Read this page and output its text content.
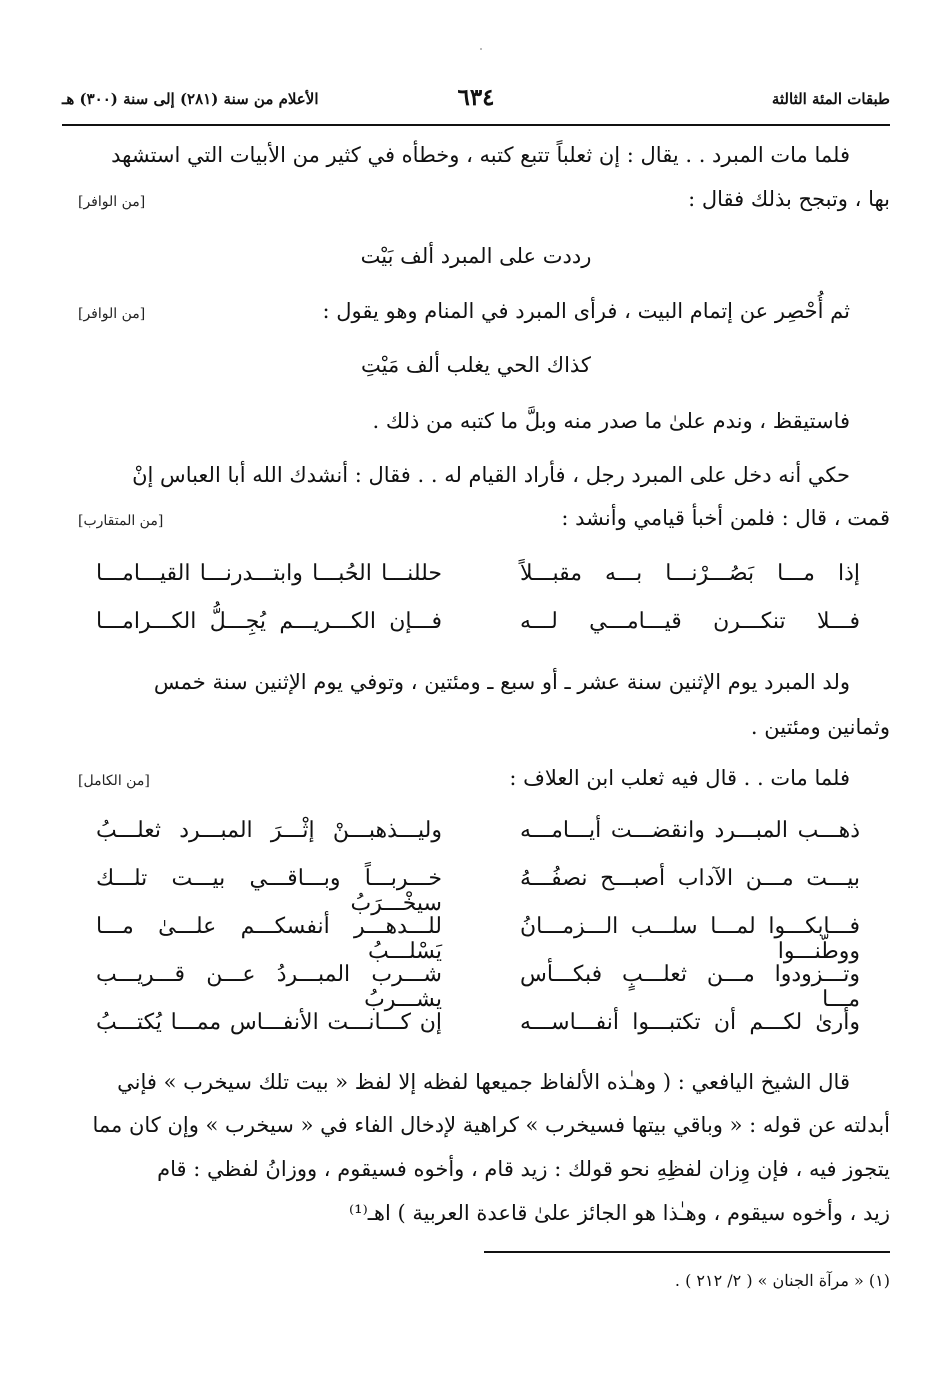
طبقات المئة الثالثة
٦٣٤
الأعلام من سنة (٢٨١) إلى سنة (٣٠٠) هـ
فلما مات المبرد . . يقال : إن ثعلباً تتبع كتبه ، وخطأه في كثير من الأبيات التي استشهد
بها ، وتبجح بذلك فقال :
[من الوافر]
رددت على المبرد ألف بَيْت
ثم أُحْصِر عن إتمام البيت ، فرأى المبرد في المنام وهو يقول :
[من الوافر]
كذاك الحي يغلب ألف مَيْتِ
فاستيقظ ، وندم علىٰ ما صدر منه وبلَّ ما كتبه من ذلك .
حكي أنه دخل على المبرد رجل ، فأراد القيام له . . فقال : أنشدك الله أبا العباس إنْ
قمت ، قال : فلمن أخبأ قيامي وأنشد :
[من المتقارب]
إذا مـــا بَصُـــرْنـــا بـــه مقبـــلاً
حللنـــا الحُبـــا وابتـــدرنـــا القيـــامـــا
فـــلا تنكـــرن قيـــامـــي لـــه
فـــإن الكـــريـــم يُجِـــلُّ الكـــرامـــا
ولد المبرد يوم الإثنين سنة عشر ـ أو سبع ـ ومئتين ، وتوفي يوم الإثنين سنة خمس
وثمانين ومئتين .
فلما مات . . قال فيه ثعلب ابن العلاف :
[من الكامل]
ذهـــب المبـــرد وانقضـــت أيـــامـــه
وليـــذهبـــنْ إثْـــرَ المبـــرد ثعلـــبُ
بيـــت مـــن الآداب أصبـــح نصفُـــهُ
خـــربـــاً وبـــاقـــي بيـــت تلـــك سيخْـــرَبُ
فـــابكـــوا لمـــا سلـــب الـــزمـــانُ ووطّنـــوا
للـــدهـــر أنفسكـــم علـــىٰ مـــا يَسْلـــبُ
وتـــزودوا مـــن ثعلـــبٍ فبكـــأس مـــا
شـــرب المبـــردُ عـــن قـــريـــب يشـــربُ
وأرىٰ لكـــم أن تكتبـــوا أنفـــاســـه
إن كـــانـــت الأنفـــاس ممـــا يُكتـــبُ
قال الشيخ اليافعي : ( وهـٰذه الألفاظ جميعها لفظه إلا لفظ « بيت تلك سيخرب » فإني
أبدلته عن قوله : « وباقي بيتها فسيخرب » كراهية لإدخال الفاء في « سيخرب » وإن كان مما
يتجوز فيه ، فإن وِزان لفظِهِ نحو قولك : زيد قام ، وأخوه فسيقوم ، ووزانُ لفظي : قام
زيد ، وأخوه سيقوم ، وهـٰذا هو الجائز علىٰ قاعدة العربية ) اهـ⁽¹⁾
(١) « مرآة الجنان » ( ٢/ ٢١٢ ) .
